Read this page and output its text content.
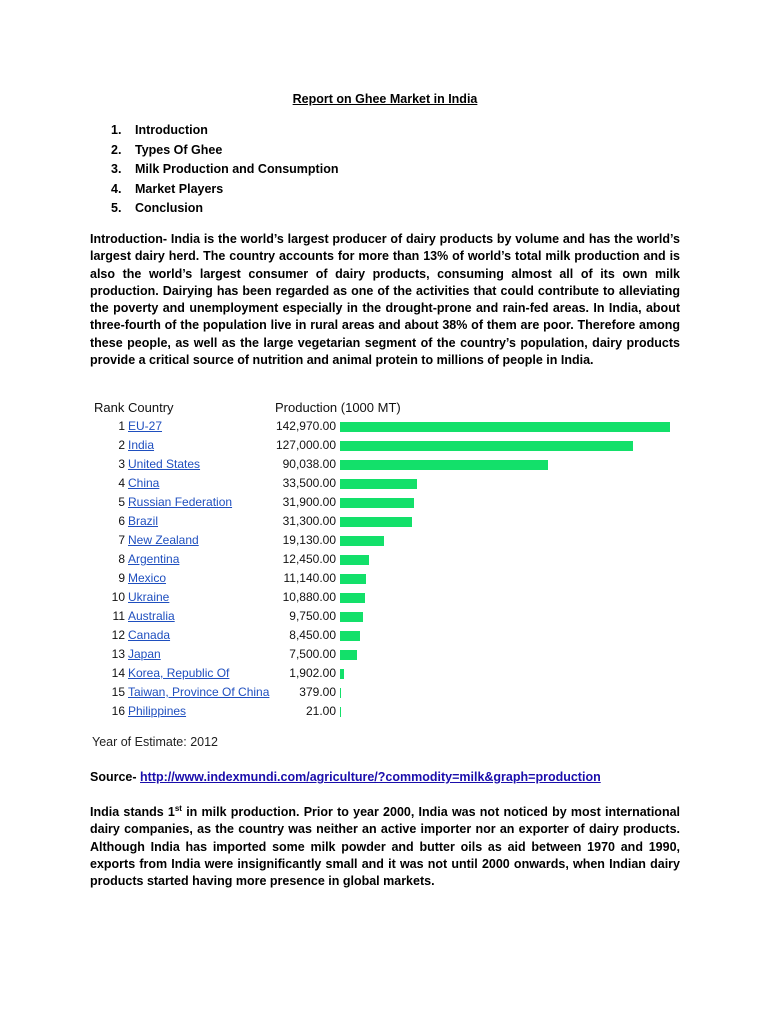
Report on Ghee Market in India
1. Introduction
2. Types Of Ghee
3. Milk Production and Consumption
4. Market Players
5. Conclusion

Introduction- India is the world’s largest producer of dairy products by volume and has the world’s largest dairy herd. The country accounts for more than 13% of world’s total milk production and is also the world’s largest consumer of dairy products, consuming almost all of its own milk production. Dairying has been regarded as one of the activities that could contribute to alleviating the poverty and unemployment especially in the drought-prone and rain-fed areas. In India, about three-fourth of the population live in rural areas and about 38% of them are poor. Therefore among these people, as well as the large vegetarian segment of the country’s population, dairy products provide a critical source of nutrition and animal protein to millions of people in India.

Source- http://www.indexmundi.com/agriculture/?commodity=milk&graph=production

India stands 1st in milk production. Prior to year 2000, India was not noticed by most international dairy companies, as the country was neither an active importer nor an exporter of dairy products. Although India has imported some milk powder and butter oils as aid between 1970 and 1990, exports from India were insignificantly small and it was not until 2000 onwards, when Indian dairy products started having more presence in global markets.

Rank Country	Production (1000 MT)
Year of Estimate: 2012
1 EU-27	142,970.00
2 India	127,000.00
3 United States	90,038.00
4 China	33,500.00
5 Russian Federation	31,900.00
6 Brazil	31,300.00
7 New Zealand	19,130.00
8 Argentina	12,450.00
9 Mexico	11,140.00
10 Ukraine	10,880.00
11 Australia	9,750.00
12 Canada	8,450.00
13 Japan	7,500.00
14 Korea, Republic Of	1,902.00
15 Taiwan, Province Of China	379.00
16 Philippines	21.00
